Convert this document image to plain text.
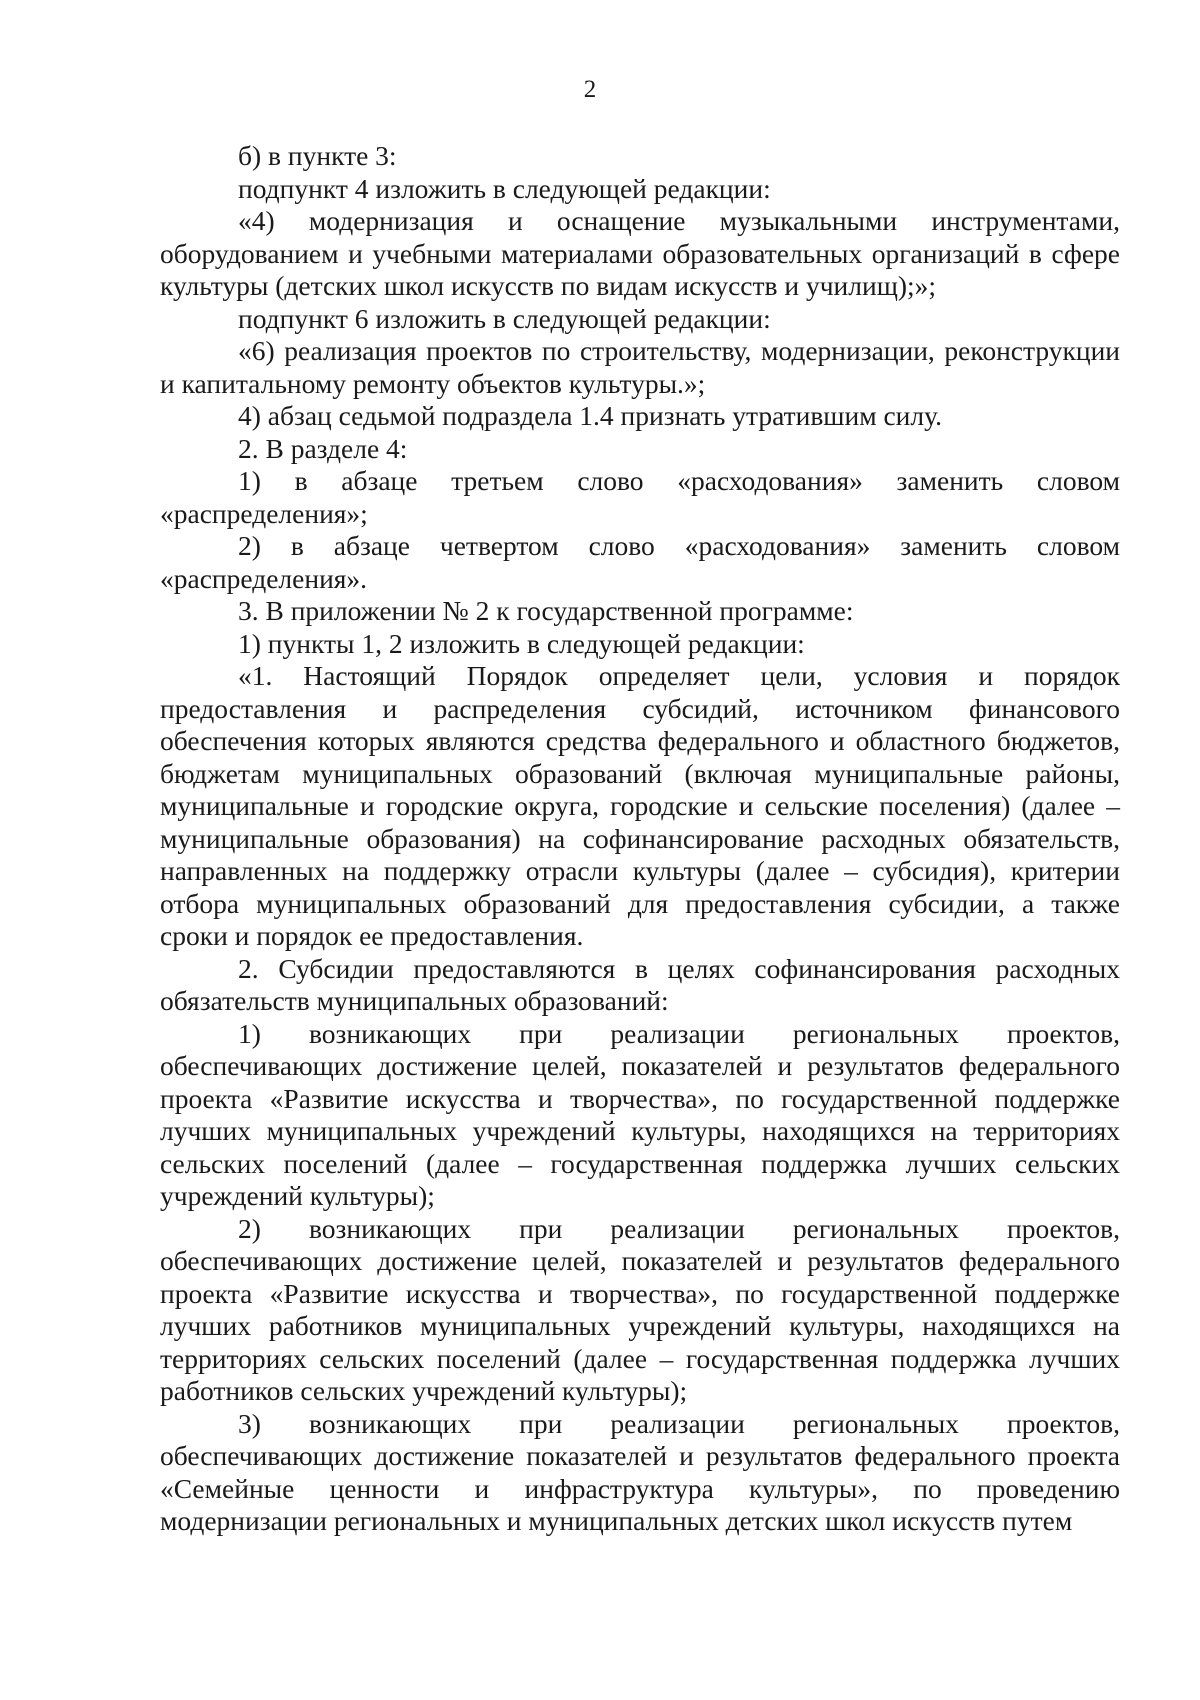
2

б) в пункте 3:

подпункт 4 изложить в следующей редакции:

«4) модернизация и оснащение музыкальными инструментами, оборудованием и учебными материалами образовательных организаций в сфере культуры (детских школ искусств по видам искусств и училищ);»;

подпункт 6 изложить в следующей редакции:

«6) реализация проектов по строительству, модернизации, реконструкции и капитальному ремонту объектов культуры.»;

4) абзац седьмой подраздела 1.4 признать утратившим силу.

2. В разделе 4:

1) в абзаце третьем слово «расходования» заменить словом «распределения»;

2) в абзаце четвертом слово «расходования» заменить словом «распределения».

3. В приложении № 2 к государственной программе:

1) пункты 1, 2 изложить в следующей редакции:

«1. Настоящий Порядок определяет цели, условия и порядок предоставления и распределения субсидий, источником финансового обеспечения которых являются средства федерального и областного бюджетов, бюджетам муниципальных образований (включая муниципальные районы, муниципальные и городские округа, городские и сельские поселения) (далее – муниципальные образования) на софинансирование расходных обязательств, направленных на поддержку отрасли культуры (далее – субсидия), критерии отбора муниципальных образований для предоставления субсидии, а также сроки и порядок ее предоставления.

2. Субсидии предоставляются в целях софинансирования расходных обязательств муниципальных образований:

1) возникающих при реализации региональных проектов, обеспечивающих достижение целей, показателей и результатов федерального проекта «Развитие искусства и творчества», по государственной поддержке лучших муниципальных учреждений культуры, находящихся на территориях сельских поселений (далее – государственная поддержка лучших сельских учреждений культуры);

2) возникающих при реализации региональных проектов, обеспечивающих достижение целей, показателей и результатов федерального проекта «Развитие искусства и творчества», по государственной поддержке лучших работников муниципальных учреждений культуры, находящихся на территориях сельских поселений (далее – государственная поддержка лучших работников сельских учреждений культуры);

3) возникающих при реализации региональных проектов, обеспечивающих достижение показателей и результатов федерального проекта «Семейные ценности и инфраструктура культуры», по проведению модернизации региональных и муниципальных детских школ искусств путем
